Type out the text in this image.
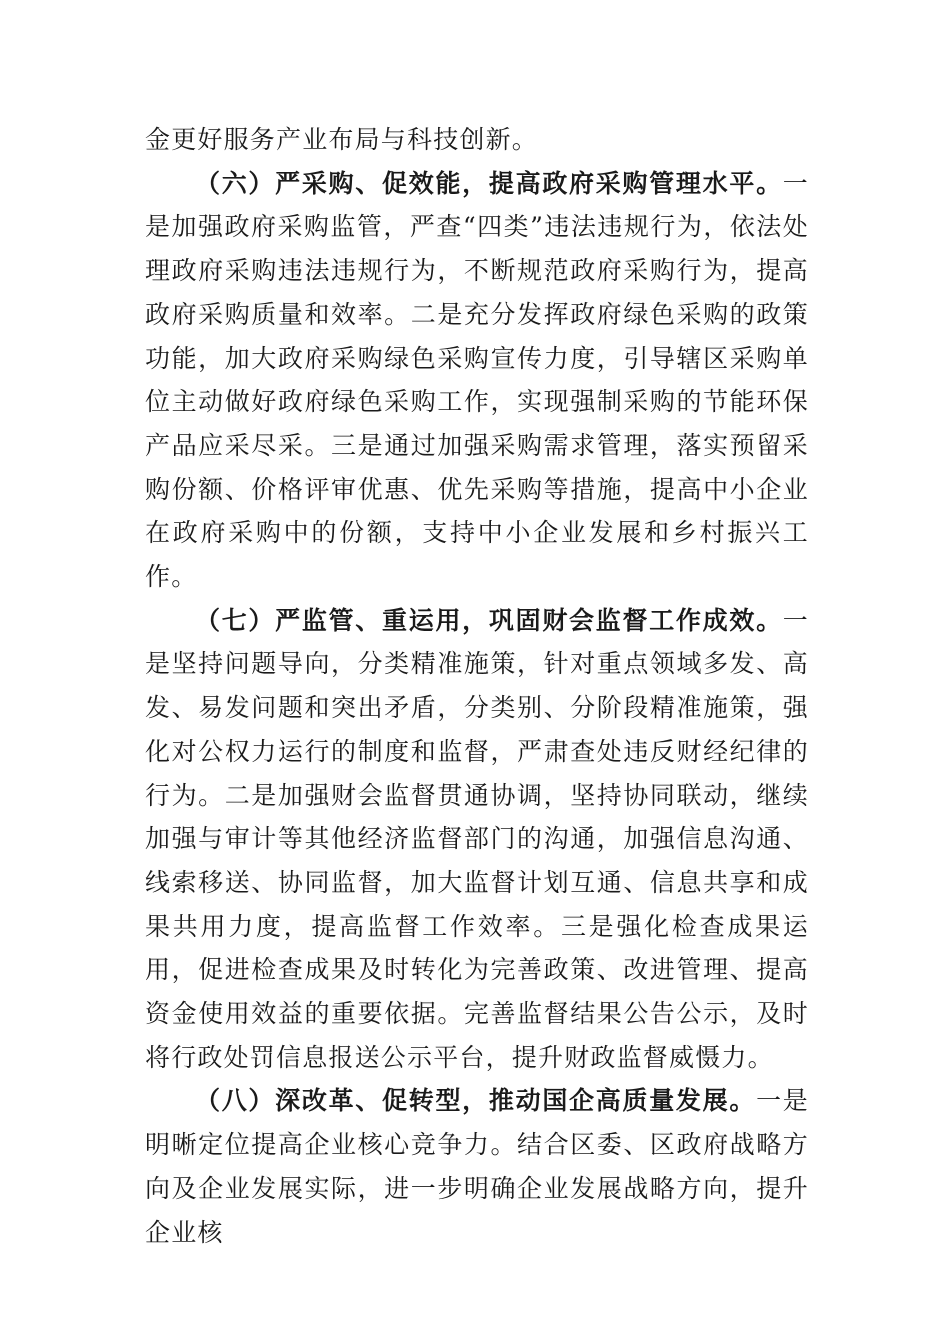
金更好服务产业布局与科技创新。

（六）严采购、促效能，提高政府采购管理水平。一是加强政府采购监管，严查“四类”违法违规行为，依法处理政府采购违法违规行为，不断规范政府采购行为，提高政府采购质量和效率。二是充分发挥政府绿色采购的政策功能，加大政府采购绿色采购宣传力度，引导辖区采购单位主动做好政府绿色采购工作，实现强制采购的节能环保产品应采尽采。三是通过加强采购需求管理，落实预留采购份额、价格评审优惠、优先采购等措施，提高中小企业在政府采购中的份额，支持中小企业发展和乡村振兴工作。

（七）严监管、重运用，巩固财会监督工作成效。一是坚持问题导向，分类精准施策，针对重点领域多发、高发、易发问题和突出矛盾，分类别、分阶段精准施策，强化对公权力运行的制度和监督，严肃查处违反财经纪律的行为。二是加强财会监督贯通协调，坚持协同联动，继续加强与审计等其他经济监督部门的沟通，加强信息沟通、线索移送、协同监督，加大监督计划互通、信息共享和成果共用力度，提高监督工作效率。三是强化检查成果运用，促进检查成果及时转化为完善政策、改进管理、提高资金使用效益的重要依据。完善监督结果公告公示，及时将行政处罚信息报送公示平台，提升财政监督威慑力。

（八）深改革、促转型，推动国企高质量发展。一是明晰定位提高企业核心竞争力。结合区委、区政府战略方向及企业发展实际，进一步明确企业发展战略方向，提升企业核
